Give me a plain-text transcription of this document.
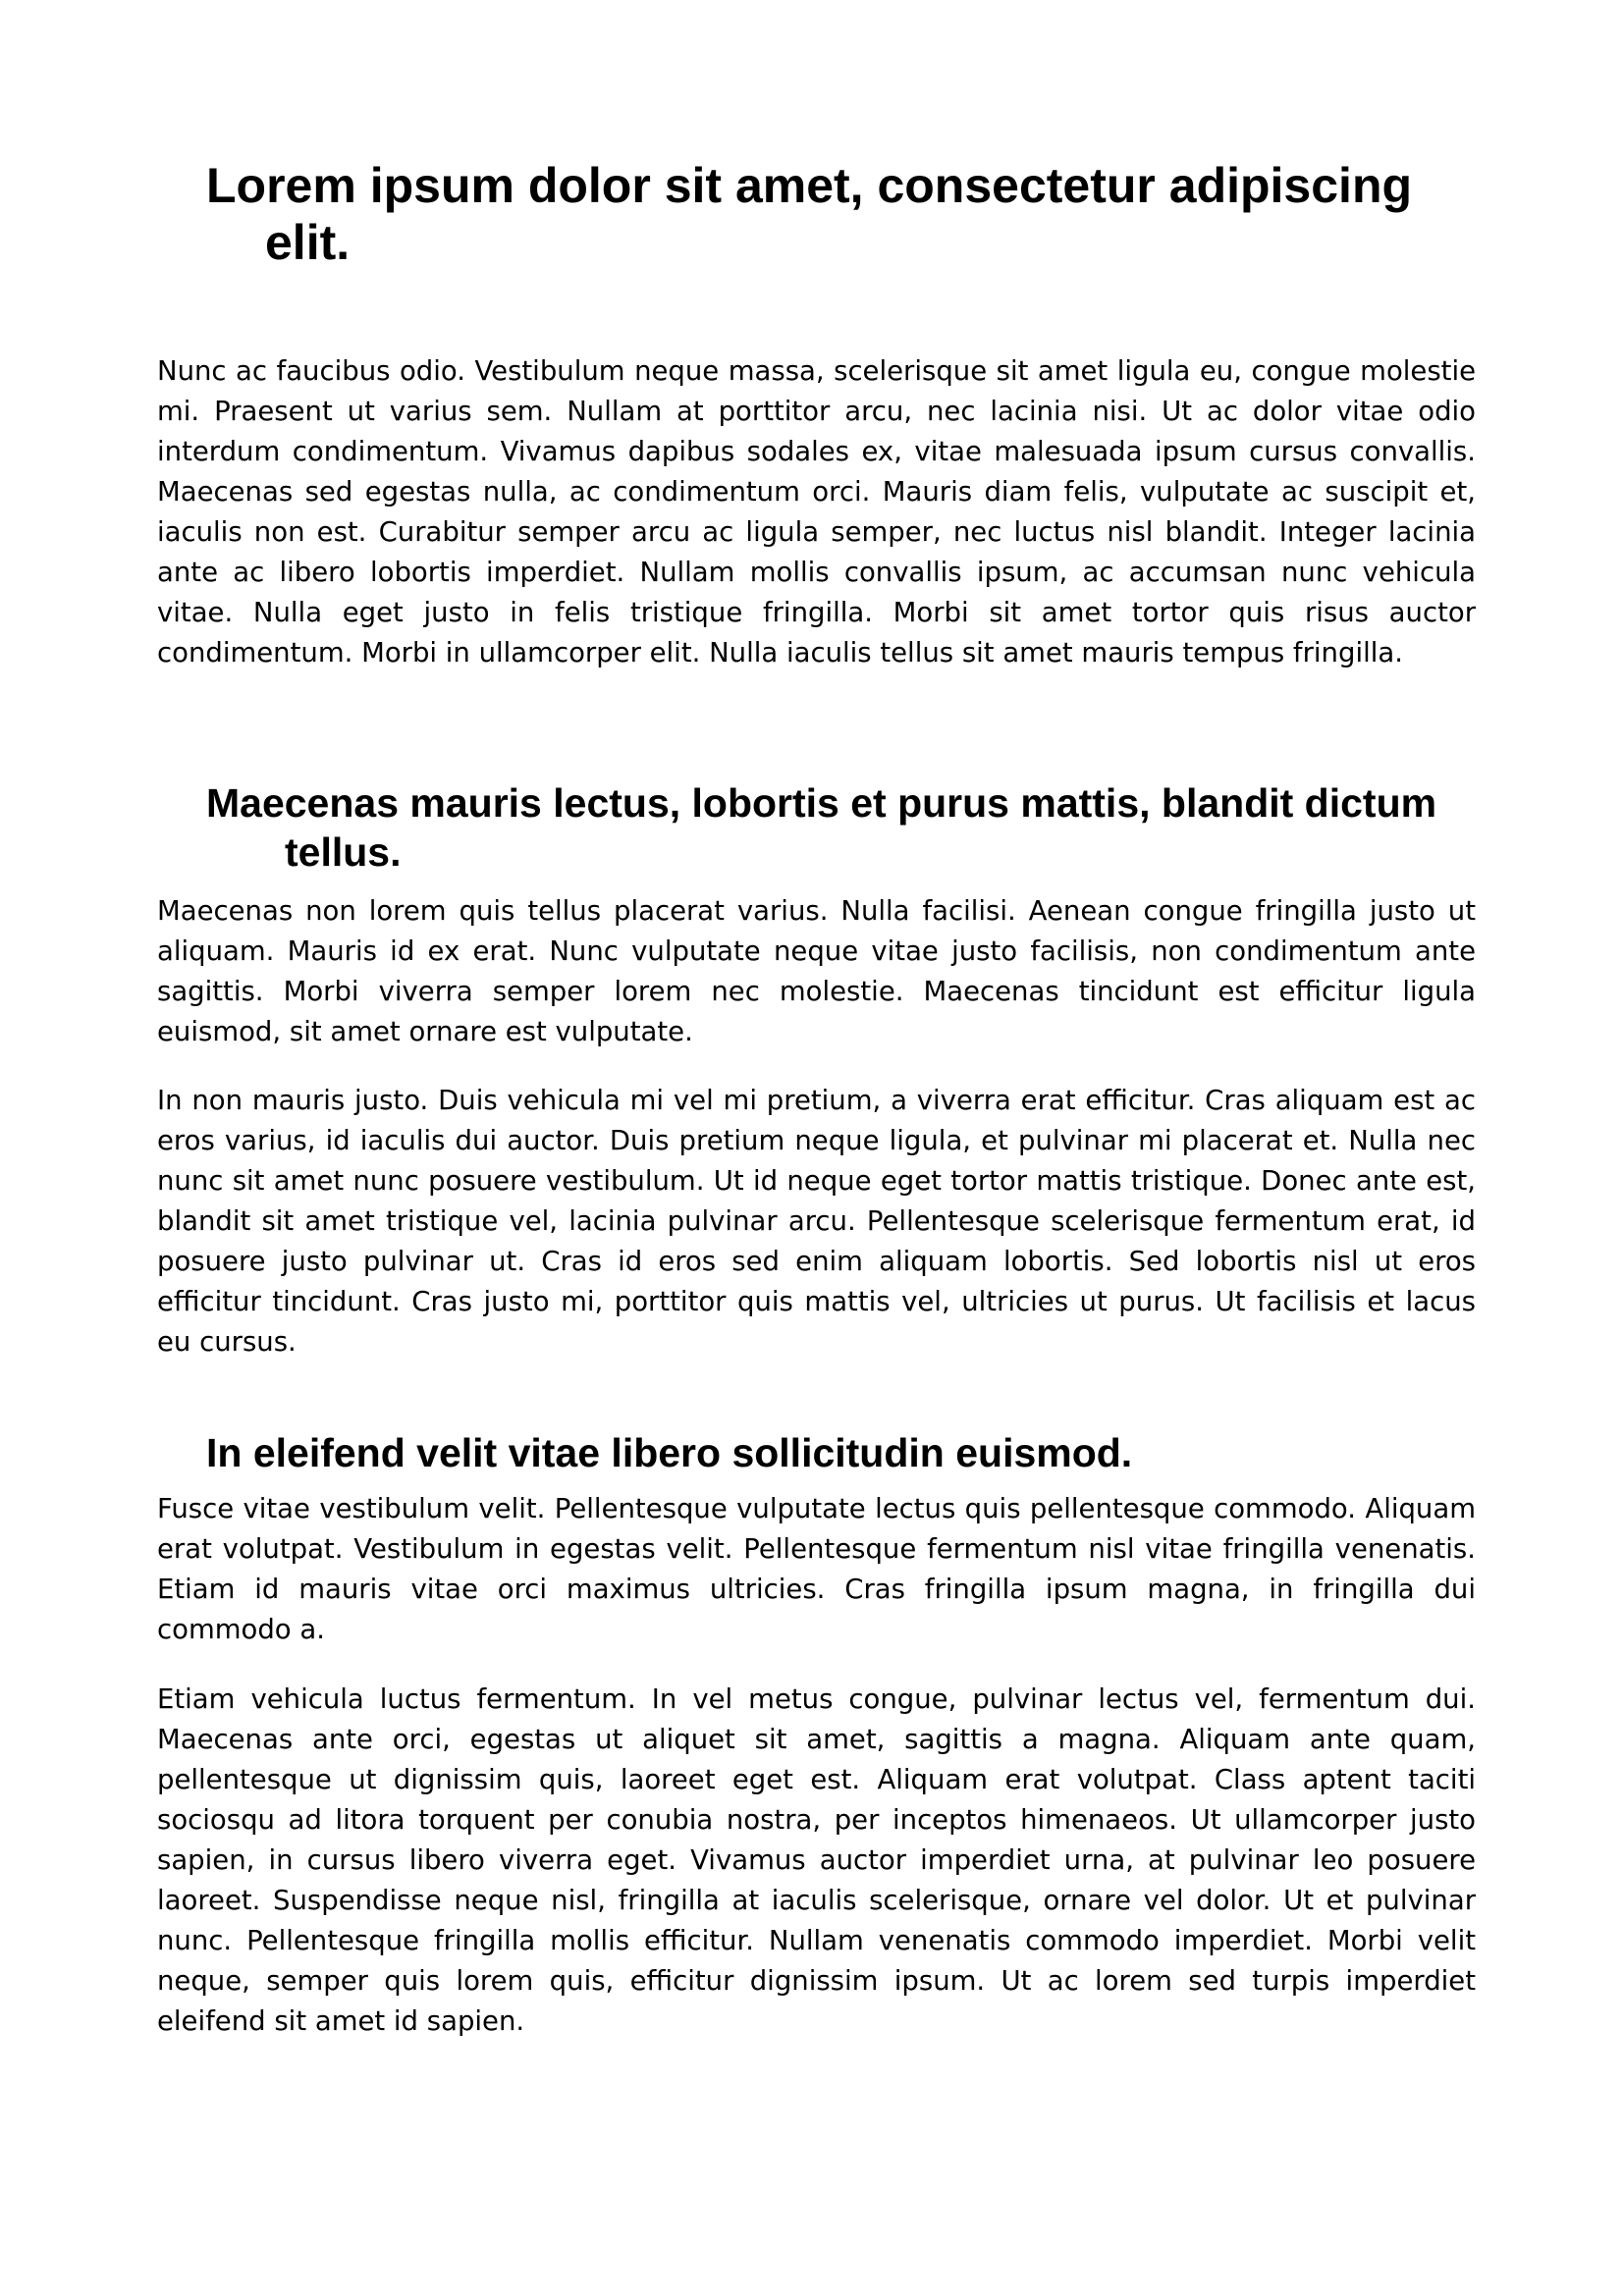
Lorem ipsum dolor sit amet, consectetur adipiscing elit.

Nunc ac faucibus odio. Vestibulum neque massa, scelerisque sit amet ligula eu, congue molestie mi. Praesent ut varius sem. Nullam at porttitor arcu, nec lacinia nisi. Ut ac dolor vitae odio interdum condimentum. Vivamus dapibus sodales ex, vitae malesuada ipsum cursus convallis. Maecenas sed egestas nulla, ac condimentum orci. Mauris diam felis, vulputate ac suscipit et, iaculis non est. Curabitur semper arcu ac ligula semper, nec luctus nisl blandit. Integer lacinia ante ac libero lobortis imperdiet. Nullam mollis convallis ipsum, ac accumsan nunc vehicula vitae. Nulla eget justo in felis tristique fringilla. Morbi sit amet tortor quis risus auctor condimentum. Morbi in ullamcorper elit. Nulla iaculis tellus sit amet mauris tempus fringilla.

Maecenas mauris lectus, lobortis et purus mattis, blandit dictum tellus.

Maecenas non lorem quis tellus placerat varius. Nulla facilisi. Aenean congue fringilla justo ut aliquam. Mauris id ex erat. Nunc vulputate neque vitae justo facilisis, non condimentum ante sagittis. Morbi viverra semper lorem nec molestie. Maecenas tincidunt est efficitur ligula euismod, sit amet ornare est vulputate.

In non mauris justo. Duis vehicula mi vel mi pretium, a viverra erat efficitur. Cras aliquam est ac eros varius, id iaculis dui auctor. Duis pretium neque ligula, et pulvinar mi placerat et. Nulla nec nunc sit amet nunc posuere vestibulum. Ut id neque eget tortor mattis tristique. Donec ante est, blandit sit amet tristique vel, lacinia pulvinar arcu. Pellentesque scelerisque fermentum erat, id posuere justo pulvinar ut. Cras id eros sed enim aliquam lobortis. Sed lobortis nisl ut eros efficitur tincidunt. Cras justo mi, porttitor quis mattis vel, ultricies ut purus. Ut facilisis et lacus eu cursus.

In eleifend velit vitae libero sollicitudin euismod.

Fusce vitae vestibulum velit. Pellentesque vulputate lectus quis pellentesque commodo. Aliquam erat volutpat. Vestibulum in egestas velit. Pellentesque fermentum nisl vitae fringilla venenatis. Etiam id mauris vitae orci maximus ultricies. Cras fringilla ipsum magna, in fringilla dui commodo a.

Etiam vehicula luctus fermentum. In vel metus congue, pulvinar lectus vel, fermentum dui. Maecenas ante orci, egestas ut aliquet sit amet, sagittis a magna. Aliquam ante quam, pellentesque ut dignissim quis, laoreet eget est. Aliquam erat volutpat. Class aptent taciti sociosqu ad litora torquent per conubia nostra, per inceptos himenaeos. Ut ullamcorper justo sapien, in cursus libero viverra eget. Vivamus auctor imperdiet urna, at pulvinar leo posuere laoreet. Suspendisse neque nisl, fringilla at iaculis scelerisque, ornare vel dolor. Ut et pulvinar nunc. Pellentesque fringilla mollis efficitur. Nullam venenatis commodo imperdiet. Morbi velit neque, semper quis lorem quis, efficitur dignissim ipsum. Ut ac lorem sed turpis imperdiet eleifend sit amet id sapien.
